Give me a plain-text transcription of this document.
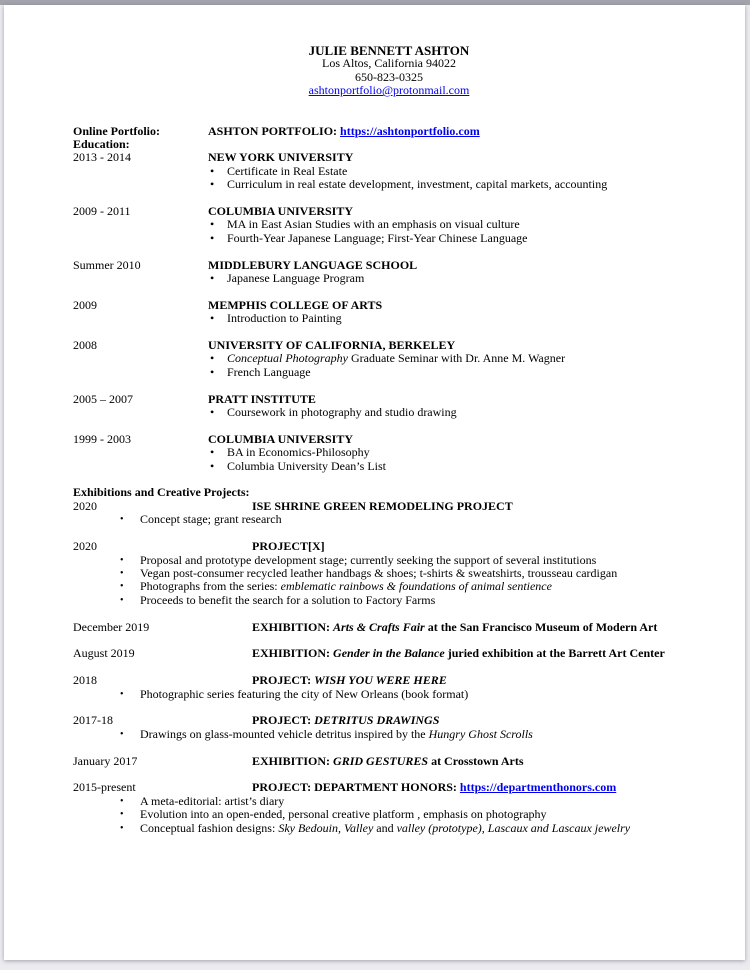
JULIE BENNETT ASHTON
Los Altos, California 94022
650-823-0325
ashtonportfolio@protonmail.com
Online Portfolio:	ASHTON PORTFOLIO: https://ashtonportfolio.com
Education:
2013 - 2014	NEW YORK UNIVERSITY
• Certificate in Real Estate
• Curriculum in real estate development, investment, capital markets, accounting
2009 - 2011	COLUMBIA UNIVERSITY
• MA in East Asian Studies with an emphasis on visual culture
• Fourth-Year Japanese Language; First-Year Chinese Language
Summer 2010	MIDDLEBURY LANGUAGE SCHOOL
• Japanese Language Program
2009	MEMPHIS COLLEGE OF ARTS
• Introduction to Painting
2008	UNIVERSITY OF CALIFORNIA, BERKELEY
• Conceptual Photography Graduate Seminar with Dr. Anne M. Wagner
• French Language
2005 – 2007	PRATT INSTITUTE
• Coursework in photography and studio drawing
1999 - 2003	COLUMBIA UNIVERSITY
• BA in Economics-Philosophy
• Columbia University Dean’s List
Exhibitions and Creative Projects:
2020	ISE SHRINE GREEN REMODELING PROJECT
• Concept stage; grant research
2020	PROJECT[X]
• Proposal and prototype development stage; currently seeking the support of several institutions
• Vegan post-consumer recycled leather handbags & shoes; t-shirts & sweatshirts, trousseau cardigan
• Photographs from the series: emblematic rainbows & foundations of animal sentience
• Proceeds to benefit the search for a solution to Factory Farms
December 2019	EXHIBITION: Arts & Crafts Fair at the San Francisco Museum of Modern Art
August 2019	EXHIBITION: Gender in the Balance juried exhibition at the Barrett Art Center
2018	PROJECT: WISH YOU WERE HERE
• Photographic series featuring the city of New Orleans (book format)
2017-18	PROJECT: DETRITUS DRAWINGS
• Drawings on glass-mounted vehicle detritus inspired by the Hungry Ghost Scrolls
January 2017	EXHIBITION: GRID GESTURES at Crosstown Arts
2015-present	PROJECT: DEPARTMENT HONORS: https://departmenthonors.com
• A meta-editorial: artist’s diary
• Evolution into an open-ended, personal creative platform , emphasis on photography
• Conceptual fashion designs: Sky Bedouin, Valley and valley (prototype), Lascaux and Lascaux jewelry
